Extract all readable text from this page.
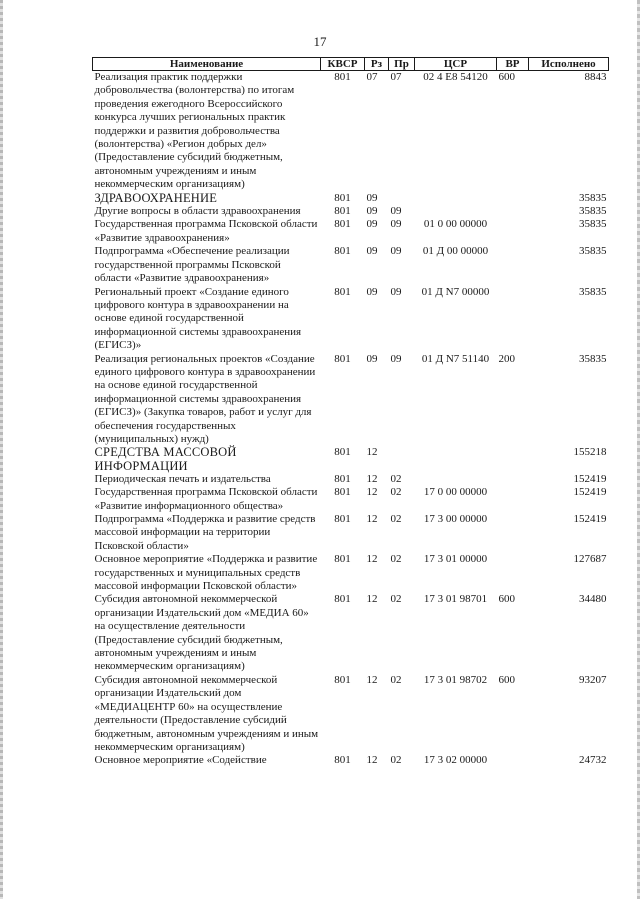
17
Наименование	КВСР	Рз	Пр	ЦСР	ВР	Исполнено
Реализация практик поддержки добровольчества (волонтерства) по итогам проведения ежегодного Всероссийского конкурса лучших региональных практик поддержки и развития добровольчества (волонтерства) «Регион добрых дел» (Предоставление субсидий бюджетным, автономным учреждениям и иным некоммерческим организациям)	801	07	07	02 4 E8 54120	600	8843
ЗДРАВООХРАНЕНИЕ	801	09				35835
Другие вопросы в области здравоохранения	801	09	09			35835
Государственная программа Псковской области «Развитие здравоохранения»	801	09	09	01 0 00 00000		35835
Подпрограмма «Обеспечение реализации государственной программы Псковской области «Развитие здравоохранения»	801	09	09	01 Д 00 00000		35835
Региональный проект «Создание единого цифрового контура в здравоохранении на основе единой государственной информационной системы здравоохранения (ЕГИСЗ)»	801	09	09	01 Д N7 00000		35835
Реализация региональных проектов «Создание единого цифрового контура в здравоохранении на основе единой государственной информационной системы здравоохранения (ЕГИСЗ)» (Закупка товаров, работ и услуг для обеспечения государственных (муниципальных) нужд)	801	09	09	01 Д N7 51140	200	35835
СРЕДСТВА МАССОВОЙ ИНФОРМАЦИИ	801	12				155218
Периодическая печать и издательства	801	12	02			152419
Государственная программа Псковской области «Развитие информационного общества»	801	12	02	17 0 00 00000		152419
Подпрограмма «Поддержка и развитие средств массовой информации на территории Псковской области»	801	12	02	17 3 00 00000		152419
Основное мероприятие «Поддержка и развитие государственных и муниципальных средств массовой информации Псковской области»	801	12	02	17 3 01 00000		127687
Субсидия автономной некоммерческой организации Издательский дом «МЕДИА 60» на осуществление деятельности (Предоставление субсидий бюджетным, автономным учреждениям и иным некоммерческим организациям)	801	12	02	17 3 01 98701	600	34480
Субсидия автономной некоммерческой организации Издательский дом «МЕДИАЦЕНТР 60» на осуществление деятельности (Предоставление субсидий бюджетным, автономным учреждениям и иным некоммерческим организациям)	801	12	02	17 3 01 98702	600	93207
Основное мероприятие «Содействие	801	12	02	17 3 02 00000		24732
